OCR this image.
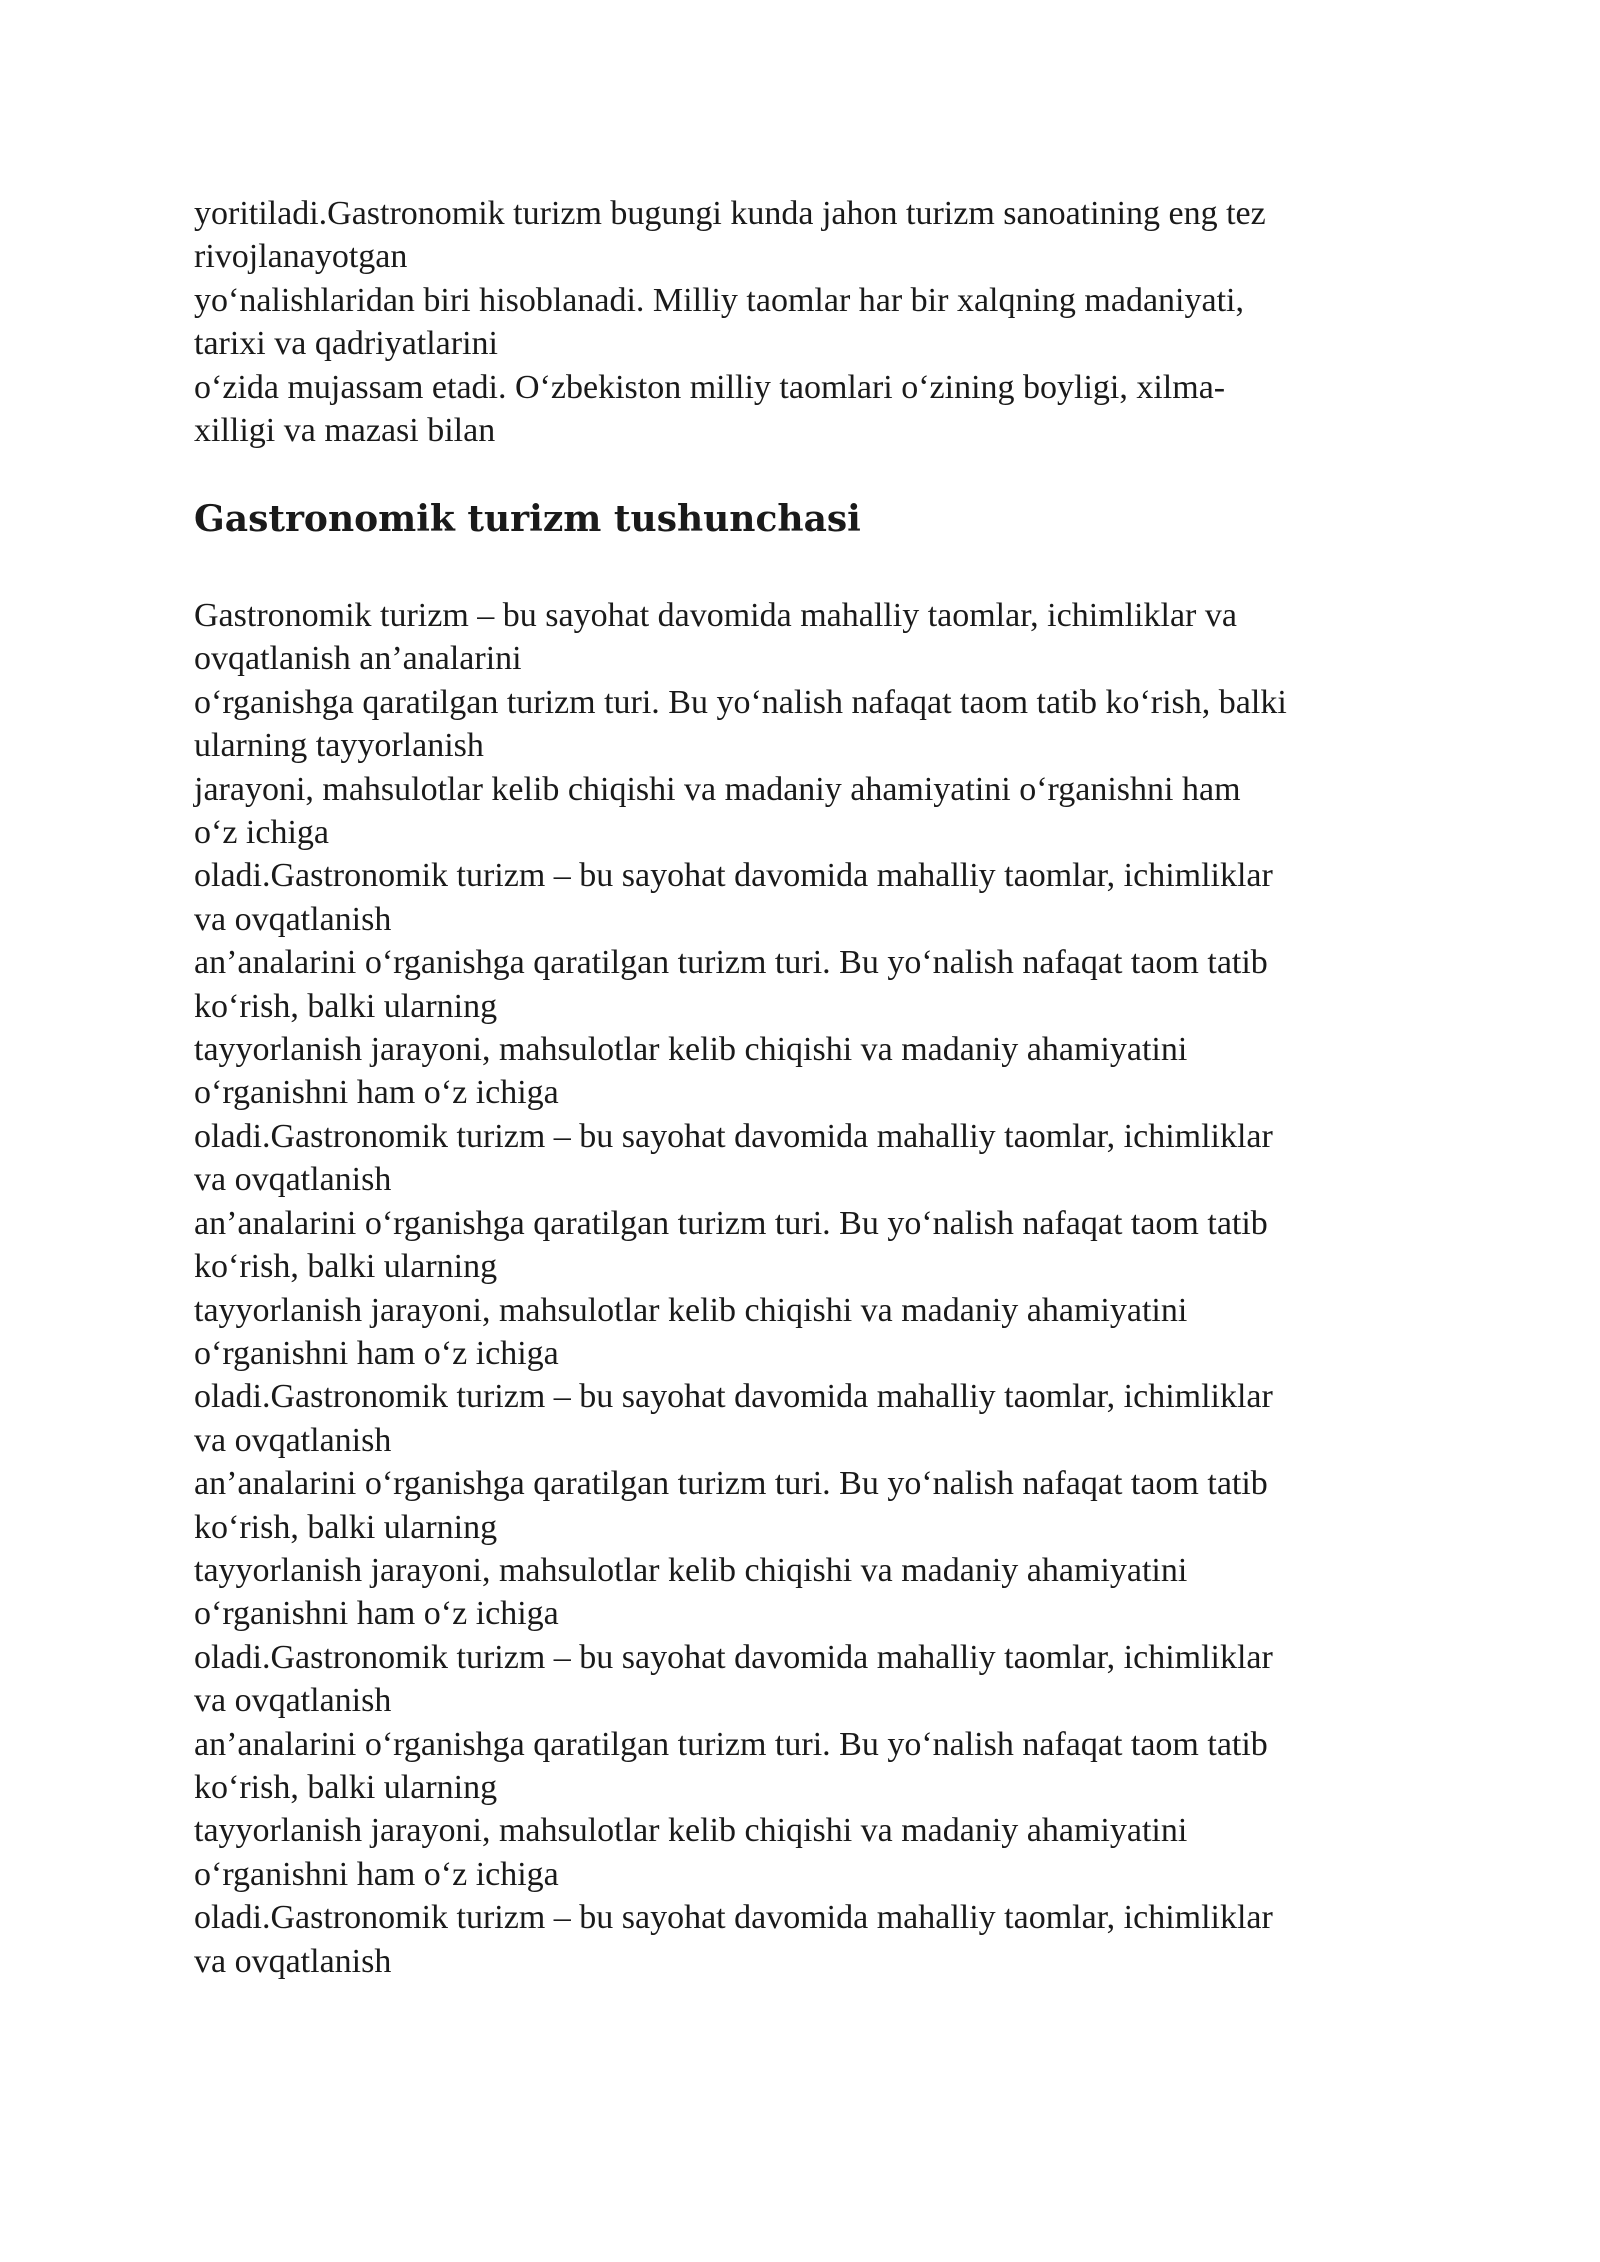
yoritiladi.Gastronomik turizm bugungi kunda jahon turizm sanoatining eng tez
rivojlanayotgan
yo‘nalishlaridan biri hisoblanadi. Milliy taomlar har bir xalqning madaniyati,
tarixi va qadriyatlarini
o‘zida mujassam etadi. O‘zbekiston milliy taomlari o‘zining boyligi, xilma-
xilligi va mazasi bilan
Gastronomik turizm tushunchasi
Gastronomik turizm – bu sayohat davomida mahalliy taomlar, ichimliklar va
ovqatlanish an’analarini
o‘rganishga qaratilgan turizm turi. Bu yo‘nalish nafaqat taom tatib ko‘rish, balki
ularning tayyorlanish
jarayoni, mahsulotlar kelib chiqishi va madaniy ahamiyatini o‘rganishni ham
o‘z ichiga
oladi.Gastronomik turizm – bu sayohat davomida mahalliy taomlar, ichimliklar
va ovqatlanish
an’analarini o‘rganishga qaratilgan turizm turi. Bu yo‘nalish nafaqat taom tatib
ko‘rish, balki ularning
tayyorlanish jarayoni, mahsulotlar kelib chiqishi va madaniy ahamiyatini
o‘rganishni ham o‘z ichiga
oladi.Gastronomik turizm – bu sayohat davomida mahalliy taomlar, ichimliklar
va ovqatlanish
an’analarini o‘rganishga qaratilgan turizm turi. Bu yo‘nalish nafaqat taom tatib
ko‘rish, balki ularning
tayyorlanish jarayoni, mahsulotlar kelib chiqishi va madaniy ahamiyatini
o‘rganishni ham o‘z ichiga
oladi.Gastronomik turizm – bu sayohat davomida mahalliy taomlar, ichimliklar
va ovqatlanish
an’analarini o‘rganishga qaratilgan turizm turi. Bu yo‘nalish nafaqat taom tatib
ko‘rish, balki ularning
tayyorlanish jarayoni, mahsulotlar kelib chiqishi va madaniy ahamiyatini
o‘rganishni ham o‘z ichiga
oladi.Gastronomik turizm – bu sayohat davomida mahalliy taomlar, ichimliklar
va ovqatlanish
an’analarini o‘rganishga qaratilgan turizm turi. Bu yo‘nalish nafaqat taom tatib
ko‘rish, balki ularning
tayyorlanish jarayoni, mahsulotlar kelib chiqishi va madaniy ahamiyatini
o‘rganishni ham o‘z ichiga
oladi.Gastronomik turizm – bu sayohat davomida mahalliy taomlar, ichimliklar
va ovqatlanish
